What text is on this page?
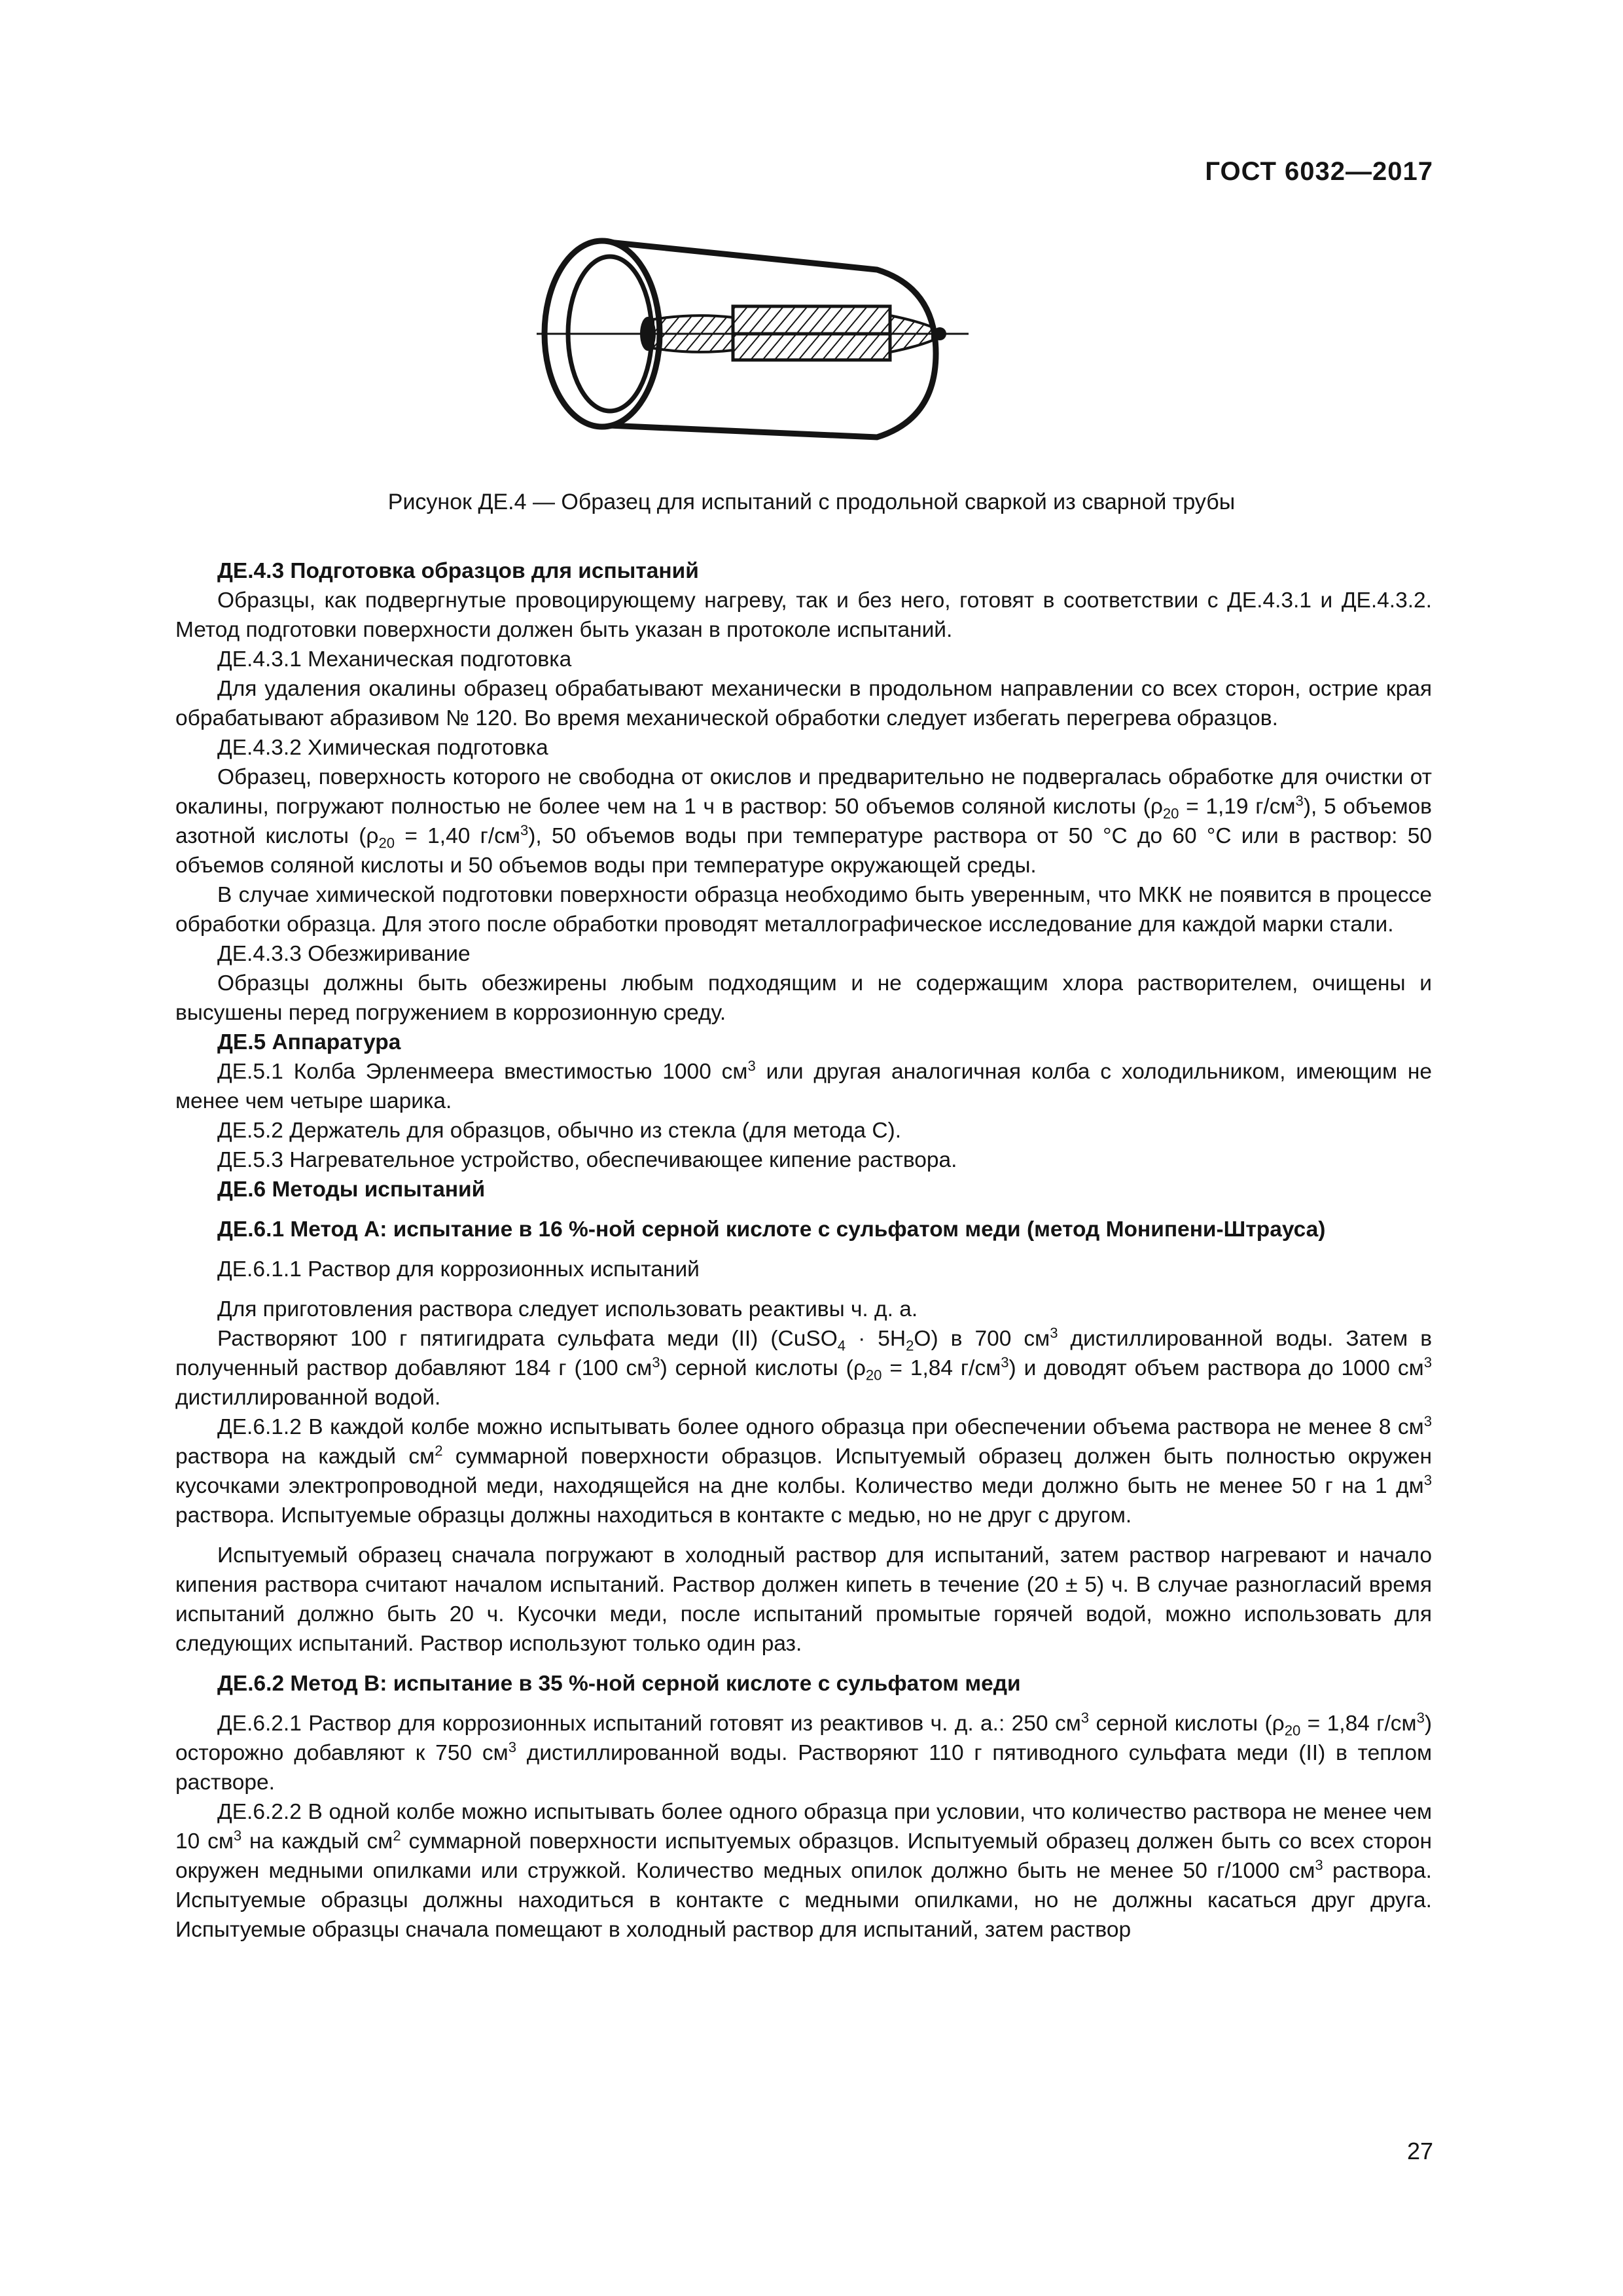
ГОСТ 6032—2017
Рисунок ДЕ.4 — Образец для испытаний с продольной сваркой из сварной трубы

ДЕ.4.3 Подготовка образцов для испытаний

Образцы, как подвергнутые провоцирующему нагреву, так и без него, готовят в соответствии с ДЕ.4.3.1 и ДЕ.4.3.2. Метод подготовки поверхности должен быть указан в протоколе испытаний.

ДЕ.4.3.1 Механическая подготовка

Для удаления окалины образец обрабатывают механически в продольном направлении со всех сторон, острие края обрабатывают абразивом № 120. Во время механической обработки следует избегать перегрева образцов.

ДЕ.4.3.2 Химическая подготовка

Образец, поверхность которого не свободна от окислов и предварительно не подвергалась обработке для очистки от окалины, погружают полностью не более чем на 1 ч в раствор: 50 объемов соляной кислоты ($\rho_{20} = 1,19$ $г/см^3$), 5 объемов азотной кислоты ($\rho_{20} = 1,40$ $г/см^3$), 50 объемов воды при температуре раствора от 50 °С до 60 °С или в раствор: 50 объемов соляной кислоты и 50 объемов воды при температуре окружающей среды.

В случае химической подготовки поверхности образца необходимо быть уверенным, что МКК не появится в процессе обработки образца. Для этого после обработки проводят металлографическое исследование для каждой марки стали.

ДЕ.4.3.3 Обезжиривание

Образцы должны быть обезжирены любым подходящим и не содержащим хлора растворителем, очищены и высушены перед погружением в коррозионную среду.

ДЕ.5 Аппаратура

ДЕ.5.1 Колба Эрленмеера вместимостью 1000 $см^3$ или другая аналогичная колба с холодильником, имеющим не менее чем четыре шарика.

ДЕ.5.2 Держатель для образцов, обычно из стекла (для метода С).

ДЕ.5.3 Нагревательное устройство, обеспечивающее кипение раствора.

ДЕ.6 Методы испытаний

ДЕ.6.1 Метод А: испытание в 16 %-ной серной кислоте с сульфатом меди (метод Монипени-Штрауса)

ДЕ.6.1.1 Раствор для коррозионных испытаний

Для приготовления раствора следует использовать реактивы ч. д. а.

Растворяют 100 г пятигидрата сульфата меди (II) (CuSO$_4$ · $5H_2O$) в 700 $см^3$ дистиллированной воды. Затем в полученный раствор добавляют 184 г (100 $см^3$) серной кислоты ($\rho_{20} = 1,84$ $г/см^3$) и доводят объем раствора до 1000 $см^3$ дистиллированной водой.

ДЕ.6.1.2 В каждой колбе можно испытывать более одного образца при обеспечении объема раствора не менее 8 $см^3$ раствора на каждый $см^2$ суммарной поверхности образцов. Испытуемый образец должен быть полностью окружен кусочками электропроводной меди, находящейся на дне колбы. Количество меди должно быть не менее 50 г на 1 $дм^3$ раствора. Испытуемые образцы должны находиться в контакте с медью, но не друг с другом.

Испытуемый образец сначала погружают в холодный раствор для испытаний, затем раствор нагревают и начало кипения раствора считают началом испытаний. Раствор должен кипеть в течение (20 ± 5) ч. В случае разногласий время испытаний должно быть 20 ч. Кусочки меди, после испытаний промытые горячей водой, можно использовать для следующих испытаний. Раствор используют только один раз.

ДЕ.6.2 Метод В: испытание в 35 %-ной серной кислоте с сульфатом меди

ДЕ.6.2.1 Раствор для коррозионных испытаний готовят из реактивов ч. д. а.: 250 $см^3$ серной кислоты ($\rho_{20} = 1,84$ $г/см^3$) осторожно добавляют к 750 $см^3$ дистиллированной воды. Растворяют 110 г пятиводного сульфата меди (II) в теплом растворе.

ДЕ.6.2.2 В одной колбе можно испытывать более одного образца при условии, что количество раствора не менее чем 10 $см^3$ на каждый $см^2$ суммарной поверхности испытуемых образцов. Испытуемый образец должен быть со всех сторон окружен медными опилками или стружкой. Количество медных опилок должно быть не менее 50 г/1000 $см^3$ раствора. Испытуемые образцы должны находиться в контакте с медными опилками, но не должны касаться друг друга. Испытуемые образцы сначала помещают в холодный раствор для испытаний, затем раствор

27
